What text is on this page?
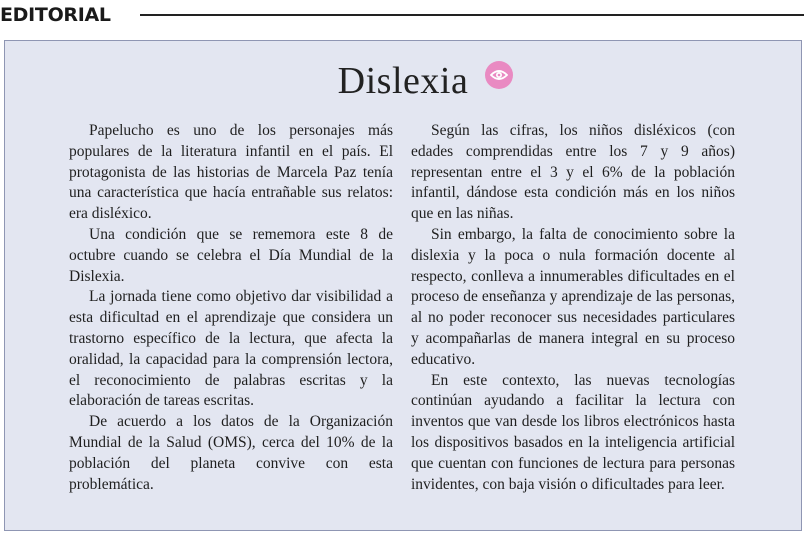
EDITORIAL
Dislexia

Papelucho es uno de los personajes más populares de la literatura infantil en el país. El protagonista de las historias de Marcela Paz tenía una característica que hacía entrañable sus relatos: era disléxico.

Una condición que se rememora este 8 de octubre cuando se celebra el Día Mundial de la Dislexia.

La jornada tiene como objetivo dar visibilidad a esta dificultad en el aprendizaje que considera un trastorno específico de la lectura, que afecta la oralidad, la capacidad para la comprensión lectora, el reconocimiento de palabras escritas y la elaboración de tareas escritas.

De acuerdo a los datos de la Organización Mundial de la Salud (OMS), cerca del 10% de la población del planeta convive con esta problemática.

Según las cifras, los niños disléxicos (con edades comprendidas entre los 7 y 9 años) representan entre el 3 y el 6% de la población infantil, dándose esta condición más en los niños que en las niñas.

Sin embargo, la falta de conocimiento sobre la dislexia y la poca o nula formación docente al respecto, conlleva a innumerables dificultades en el proceso de enseñanza y aprendizaje de las personas, al no poder reconocer sus necesidades particulares y acompañarlas de manera integral en su proceso educativo.

En este contexto, las nuevas tecnologías continúan ayudando a facilitar la lectura con inventos que van desde los libros electrónicos hasta los dispositivos basados en la inteligencia artificial que cuentan con funciones de lectura para personas invidentes, con baja visión o dificultades para leer.
